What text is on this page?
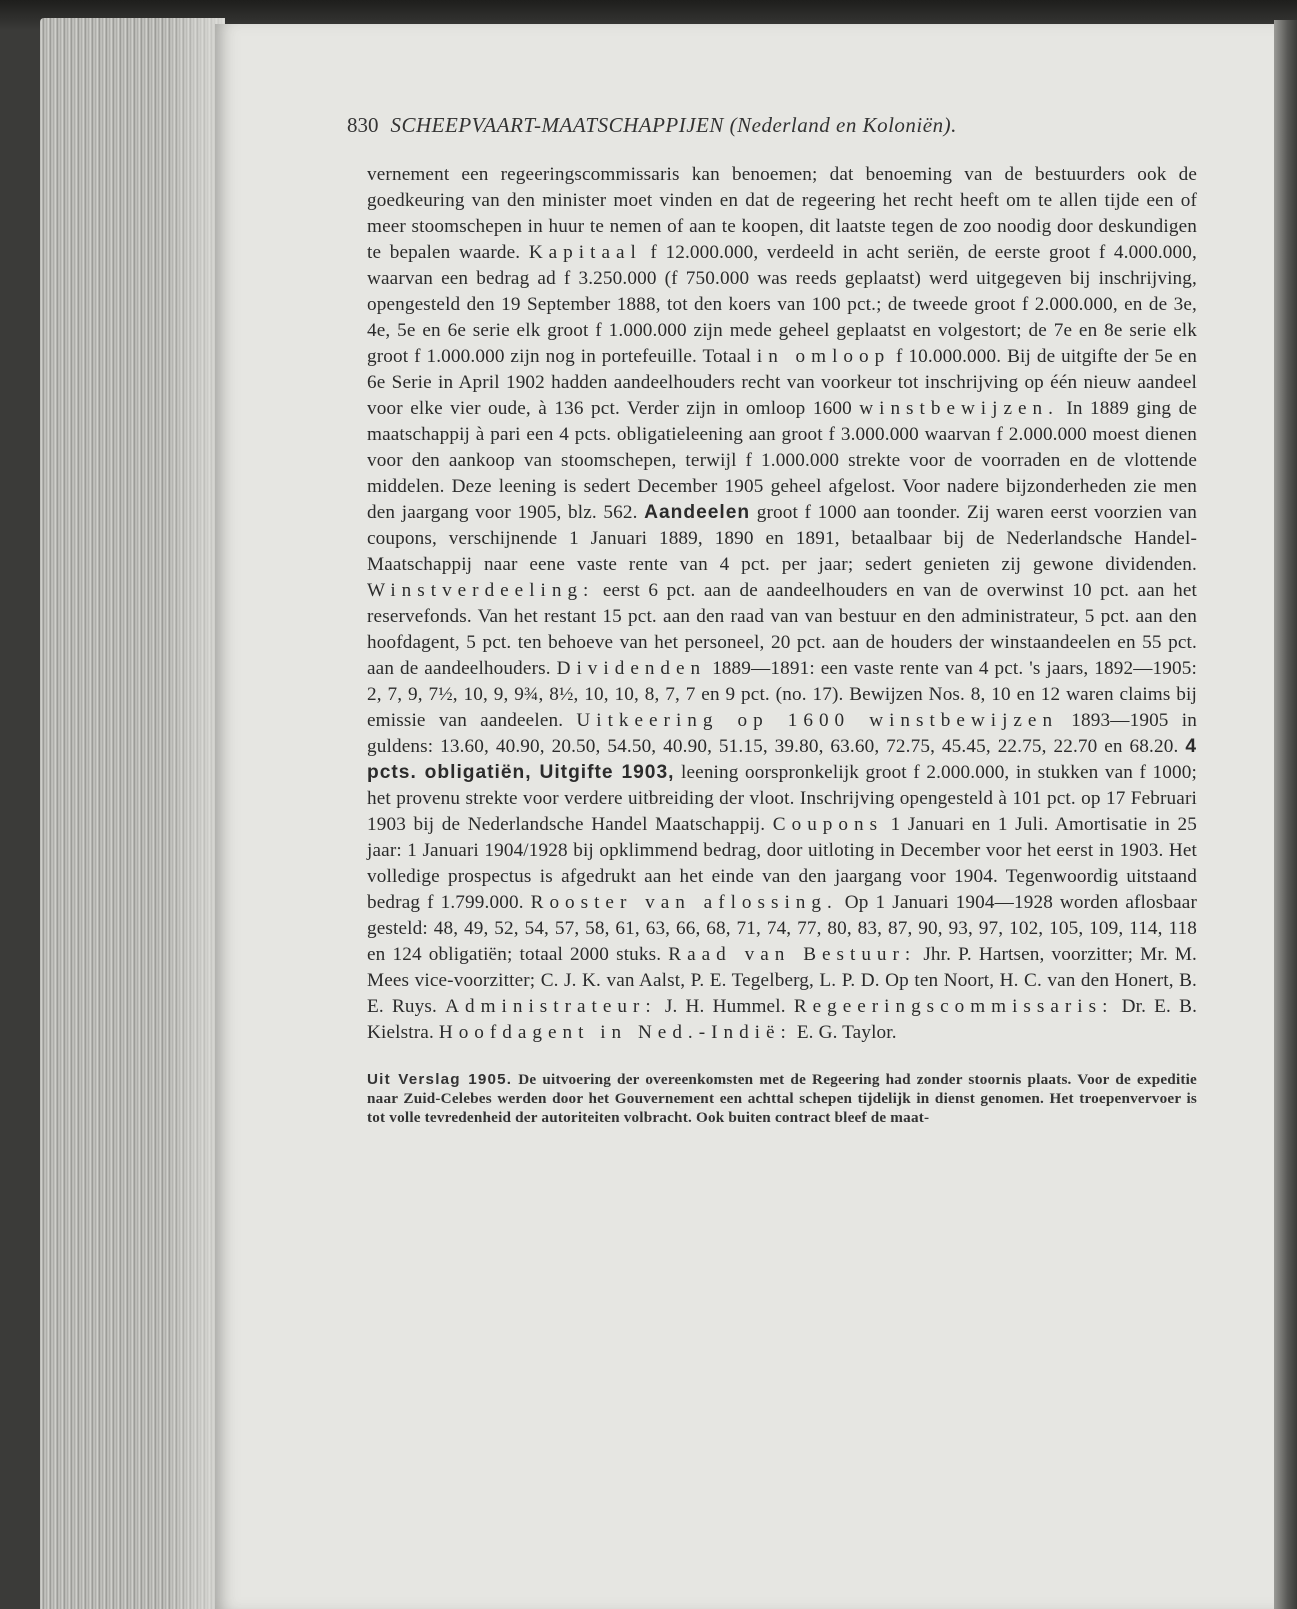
830 SCHEEPVAART-MAATSCHAPPIJEN (Nederland en Koloniën).

vernement een regeeringscommissaris kan benoemen; dat benoeming van de bestuurders ook de goedkeuring van den minister moet vinden en dat de regeering het recht heeft om te allen tijde een of meer stoomschepen in huur te nemen of aan te koopen, dit laatste tegen de zoo noodig door deskundigen te bepalen waarde. Kapitaal f 12.000.000, verdeeld in acht seriën, de eerste groot f 4.000.000, waarvan een bedrag ad f 3.250.000 (f 750.000 was reeds geplaatst) werd uitgegeven bij inschrijving, opengesteld den 19 September 1888, tot den koers van 100 pct.; de tweede groot f 2.000.000, en de 3e, 4e, 5e en 6e serie elk groot f 1.000.000 zijn mede geheel geplaatst en volgestort; de 7e en 8e serie elk groot f 1.000.000 zijn nog in portefeuille. Totaal in omloop f 10.000.000. Bij de uitgifte der 5e en 6e Serie in April 1902 hadden aandeelhouders recht van voorkeur tot inschrijving op één nieuw aandeel voor elke vier oude, à 136 pct. Verder zijn in omloop 1600 winstbewijzen. In 1889 ging de maatschappij à pari een 4 pcts. obligatieleening aan groot f 3.000.000 waarvan f 2.000.000 moest dienen voor den aankoop van stoomschepen, terwijl f 1.000.000 strekte voor de voorraden en de vlottende middelen. Deze leening is sedert December 1905 geheel afgelost. Voor nadere bijzonderheden zie men den jaargang voor 1905, blz. 562. Aandeelen groot f 1000 aan toonder. Zij waren eerst voorzien van coupons, verschijnende 1 Januari 1889, 1890 en 1891, betaalbaar bij de Nederlandsche Handel-Maatschappij naar eene vaste rente van 4 pct. per jaar; sedert genieten zij gewone dividenden. Winstverdeeling: eerst 6 pct. aan de aandeelhouders en van de overwinst 10 pct. aan het reservefonds. Van het restant 15 pct. aan den raad van van bestuur en den administrateur, 5 pct. aan den hoofdagent, 5 pct. ten behoeve van het personeel, 20 pct. aan de houders der winstaandeelen en 55 pct. aan de aandeelhouders. Dividenden 1889—1891: een vaste rente van 4 pct. 's jaars, 1892—1905: 2, 7, 9, 7½, 10, 9, 9¾, 8½, 10, 10, 8, 7, 7 en 9 pct. (no. 17). Bewijzen Nos. 8, 10 en 12 waren claims bij emissie van aandeelen. Uitkeering op 1600 winstbewijzen 1893—1905 in guldens: 13.60, 40.90, 20.50, 54.50, 40.90, 51.15, 39.80, 63.60, 72.75, 45.45, 22.75, 22.70 en 68.20. 4 pcts. obligatiën, Uitgifte 1903, leening oorspronkelijk groot f 2.000.000, in stukken van f 1000; het provenu strekte voor verdere uitbreiding der vloot. Inschrijving opengesteld à 101 pct. op 17 Februari 1903 bij de Nederlandsche Handel Maatschappij. Coupons 1 Januari en 1 Juli. Amortisatie in 25 jaar: 1 Januari 1904/1928 bij opklimmend bedrag, door uitloting in December voor het eerst in 1903. Het volledige prospectus is afgedrukt aan het einde van den jaargang voor 1904. Tegenwoordig uitstaand bedrag f 1.799.000. Rooster van aflossing. Op 1 Januari 1904—1928 worden aflosbaar gesteld: 48, 49, 52, 54, 57, 58, 61, 63, 66, 68, 71, 74, 77, 80, 83, 87, 90, 93, 97, 102, 105, 109, 114, 118 en 124 obligatiën; totaal 2000 stuks. Raad van Bestuur: Jhr. P. Hartsen, voorzitter; Mr. M. Mees vice-voorzitter; C. J. K. van Aalst, P. E. Tegelberg, L. P. D. Op ten Noort, H. C. van den Honert, B. E. Ruys. Administrateur: J. H. Hummel. Regeeringscommissaris: Dr. E. B. Kielstra. Hoofdagent in Ned.-Indië: E. G. Taylor.

Uit Verslag 1905. De uitvoering der overeenkomsten met de Regeering had zonder stoornis plaats. Voor de expeditie naar Zuid-Celebes werden door het Gouvernement een achttal schepen tijdelijk in dienst genomen. Het troepenvervoer is tot volle tevredenheid der autoriteiten volbracht. Ook buiten contract bleef de maat-
